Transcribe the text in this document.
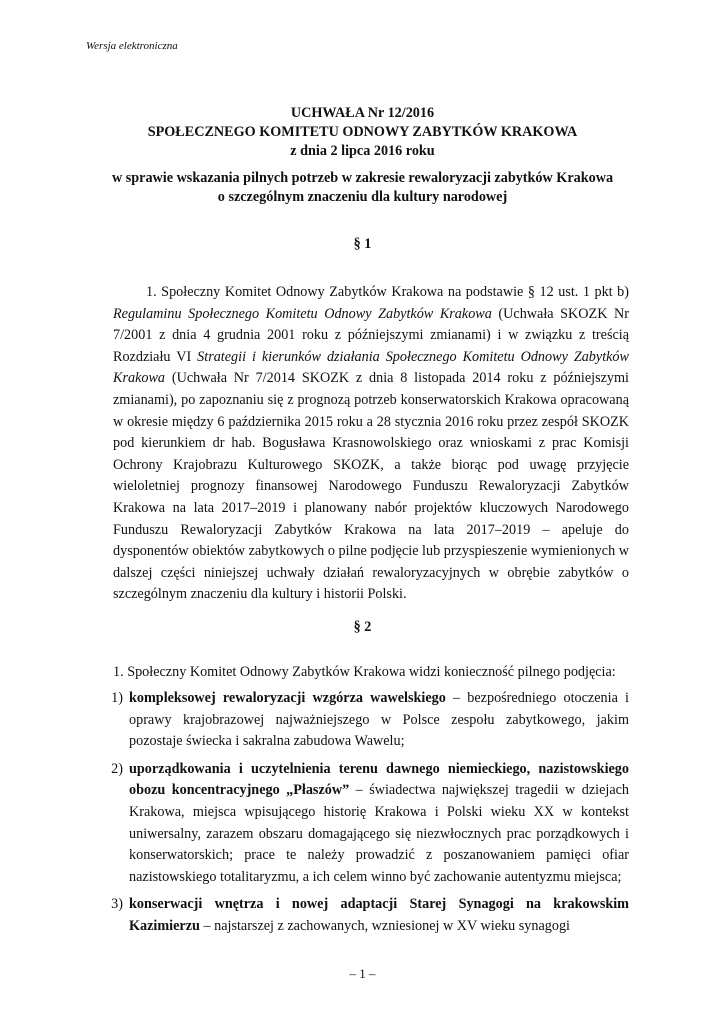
Wersja elektroniczna
UCHWAŁA Nr 12/2016
SPOŁECZNEGO KOMITETU ODNOWY ZABYTKÓW KRAKOWA
z dnia 2 lipca 2016 roku
w sprawie wskazania pilnych potrzeb w zakresie rewaloryzacji zabytków Krakowa
o szczególnym znaczeniu dla kultury narodowej
§ 1

1. Społeczny Komitet Odnowy Zabytków Krakowa na podstawie § 12 ust. 1 pkt b) Regulaminu Społecznego Komitetu Odnowy Zabytków Krakowa (Uchwała SKOZK Nr 7/2001 z dnia 4 grudnia 2001 roku z późniejszymi zmianami) i w związku z treścią Rozdziału VI Strategii i kierunków działania Społecznego Komitetu Odnowy Zabytków Krakowa (Uchwała Nr 7/2014 SKOZK z dnia 8 listopada 2014 roku z późniejszymi zmianami), po zapoznaniu się z prognozą potrzeb konserwatorskich Krakowa opracowaną w okresie między 6 października 2015 roku a 28 stycznia 2016 roku przez zespół SKOZK pod kierunkiem dr hab. Bogusława Krasnowolskiego oraz wnioskami z prac Komisji Ochrony Krajobrazu Kulturowego SKOZK, a także biorąc pod uwagę przyjęcie wieloletniej prognozy finansowej Narodowego Funduszu Rewaloryzacji Zabytków Krakowa na lata 2017–2019 i planowany nabór projektów kluczowych Narodowego Funduszu Rewaloryzacji Zabytków Krakowa na lata 2017–2019 – apeluje do dysponentów obiektów zabytkowych o pilne podjęcie lub przyspieszenie wymienionych w dalszej części niniejszej uchwały działań rewaloryzacyjnych w obrębie zabytków o szczególnym znaczeniu dla kultury i historii Polski.

§ 2

1. Społeczny Komitet Odnowy Zabytków Krakowa widzi konieczność pilnego podjęcia:

1) kompleksowej rewaloryzacji wzgórza wawelskiego – bezpośredniego otoczenia i oprawy krajobrazowej najważniejszego w Polsce zespołu zabytkowego, jakim pozostaje świecka i sakralna zabudowa Wawelu;
2) uporządkowania i uczytelnienia terenu dawnego niemieckiego, nazistowskiego obozu koncentracyjnego „Płaszów” – świadectwa największej tragedii w dziejach Krakowa, miejsca wpisującego historię Krakowa i Polski wieku XX w kontekst uniwersalny, zarazem obszaru domagającego się niezwłocznych prac porządkowych i konserwatorskich; prace te należy prowadzić z poszanowaniem pamięci ofiar nazistowskiego totalitaryzmu, a ich celem winno być zachowanie autentyzmu miejsca;
3) konserwacji wnętrza i nowej adaptacji Starej Synagogi na krakowskim Kazimierzu – najstarszej z zachowanych, wzniesionej w XV wieku synagogi
– 1 –
